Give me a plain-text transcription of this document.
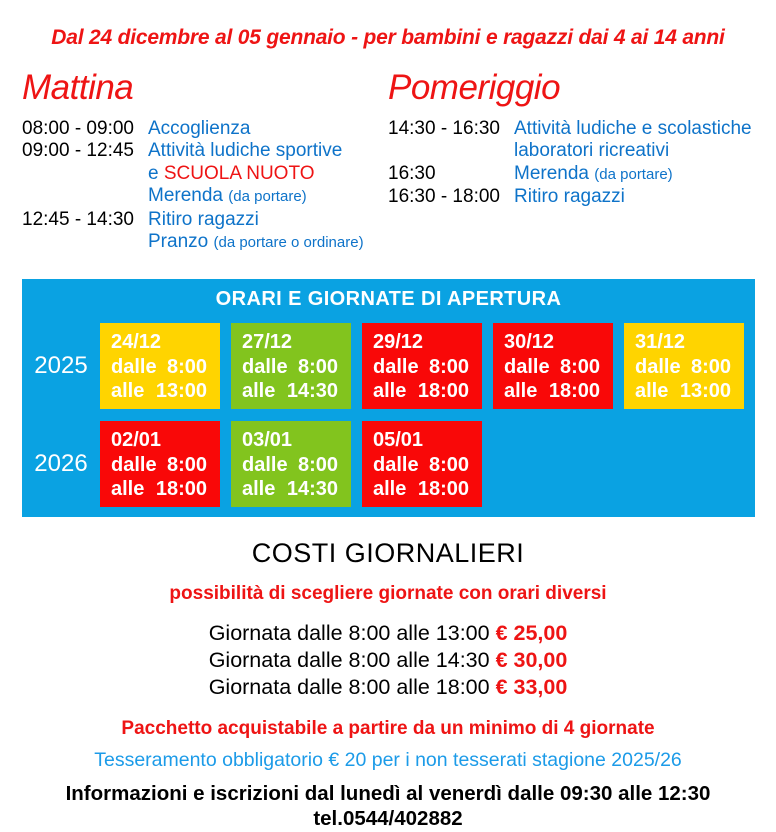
Dal 24 dicembre al 05 gennaio - per bambini e ragazzi dai 4 ai 14 anni
Mattina
08:00 - 09:00 Accoglienza
09:00 - 12:45 Attività ludiche sportive
e SCUOLA NUOTO
Merenda (da portare)
12:45 - 14:30 Ritiro ragazzi
Pranzo (da portare o ordinare)
Pomeriggio
14:30 - 16:30 Attività ludiche e scolastiche
laboratori ricreativi
16:30	Merenda (da portare)
16:30 - 18:00 Ritiro ragazzi
ORARI E GIORNATE DI APERTURA
2025
24/12
dalle 8:00
alle 13:00
27/12
dalle 8:00
alle 14:30
29/12
dalle 8:00
alle 18:00
30/12
dalle 8:00
alle 18:00
31/12
dalle 8:00
alle 13:00
2026
02/01
dalle 8:00
alle 18:00
03/01
dalle 8:00
alle 14:30
05/01
dalle 8:00
alle 18:00
COSTI GIORNALIERI
possibilità di scegliere giornate con orari diversi
Giornata dalle 8:00 alle 13:00 € 25,00
Giornata dalle 8:00 alle 14:30 € 30,00
Giornata dalle 8:00 alle 18:00 € 33,00
Pacchetto acquistabile a partire da un minimo di 4 giornate
Tesseramento obbligatorio € 20 per i non tesserati stagione 2025/26
Informazioni e iscrizioni dal lunedì al venerdì dalle 09:30 alle 12:30
tel.0544/402882
